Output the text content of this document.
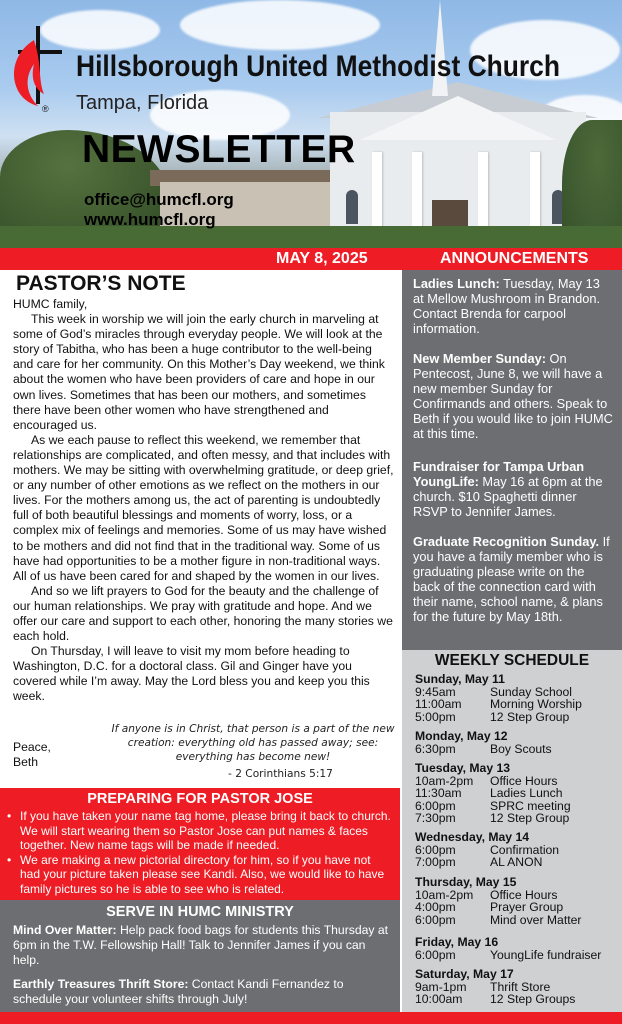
®
Hillsborough United Methodist Church
Tampa, Florida
NEWSLETTER
office@humcfl.org
www.humcfl.org
MAY 8, 2025	ANNOUNCEMENTS
PASTOR’S NOTE

HUMC family,

This week in worship we will join the early church in marveling at some of God’s miracles through everyday people. We will look at the story of Tabitha, who has been a huge contributor to the well-being and care for her community. On this Mother’s Day weekend, we think about the women who have been providers of care and hope in our own lives. Sometimes that has been our mothers, and sometimes there have been other women who have strengthened and encouraged us.

As we each pause to reflect this weekend, we remember that relationships are complicated, and often messy, and that includes with mothers. We may be sitting with overwhelming gratitude, or deep grief, or any number of other emotions as we reflect on the mothers in our lives. For the mothers among us, the act of parenting is undoubtedly full of both beautiful blessings and moments of worry, loss, or a complex mix of feelings and memories. Some of us may have wished to be mothers and did not find that in the traditional way. Some of us have had opportunities to be a mother figure in non-traditional ways. All of us have been cared for and shaped by the women in our lives.

And so we lift prayers to God for the beauty and the challenge of our human relationships. We pray with gratitude and hope. And we offer our care and support to each other, honoring the many stories we each hold.

On Thursday, I will leave to visit my mom before heading to Washington, D.C. for a doctoral class. Gil and Ginger have you covered while I’m away. May the Lord bless you and keep you this week.

Peace,
Beth
If anyone is in Christ, that person is a part of the new creation: everything old has passed away; see: everything has become new!
- 2 Corinthians 5:17
PREPARING FOR PASTOR JOSE
• If you have taken your name tag home, please bring it back to church. We will start wearing them so Pastor Jose can put names & faces together. New name tags will be made if needed.
• We are making a new pictorial directory for him, so if you have not had your picture taken please see Kandi. Also, we would like to have family pictures so he is able to see who is related.
SERVE IN HUMC MINISTRY
Mind Over Matter: Help pack food bags for students this Thursday at 6pm in the T.W. Fellowship Hall! Talk to Jennifer James if you can help.
Earthly Treasures Thrift Store: Contact Kandi Fernandez to schedule your volunteer shifts through July!
Ladies Lunch: Tuesday, May 13 at Mellow Mushroom in Brandon. Contact Brenda for carpool information.
New Member Sunday: On Pentecost, June 8, we will have a new member Sunday for Confirmands and others. Speak to Beth if you would like to join HUMC at this time.
Fundraiser for Tampa Urban YoungLife: May 16 at 6pm at the church. $10 Spaghetti dinner RSVP to Jennifer James.
Graduate Recognition Sunday. If you have a family member who is graduating please write on the back of the connection card with their name, school name, & plans for the future by May 18th.
WEEKLY SCHEDULE
Sunday, May 11
9:45am	Sunday School
11:00am	Morning Worship
5:00pm	12 Step Group
Monday, May 12
6:30pm	Boy Scouts
Tuesday, May 13
10am-2pm	Office Hours
11:30am	Ladies Lunch
6:00pm	SPRC meeting
7:30pm	12 Step Group
Wednesday, May 14
6:00pm	Confirmation
7:00pm	AL ANON
Thursday, May 15
10am-2pm	Office Hours
4:00pm	Prayer Group
6:00pm	Mind over Matter
Friday, May 16
6:00pm	YoungLife fundraiser
Saturday, May 17
9am-1pm	Thrift Store
10:00am	12 Step Groups
